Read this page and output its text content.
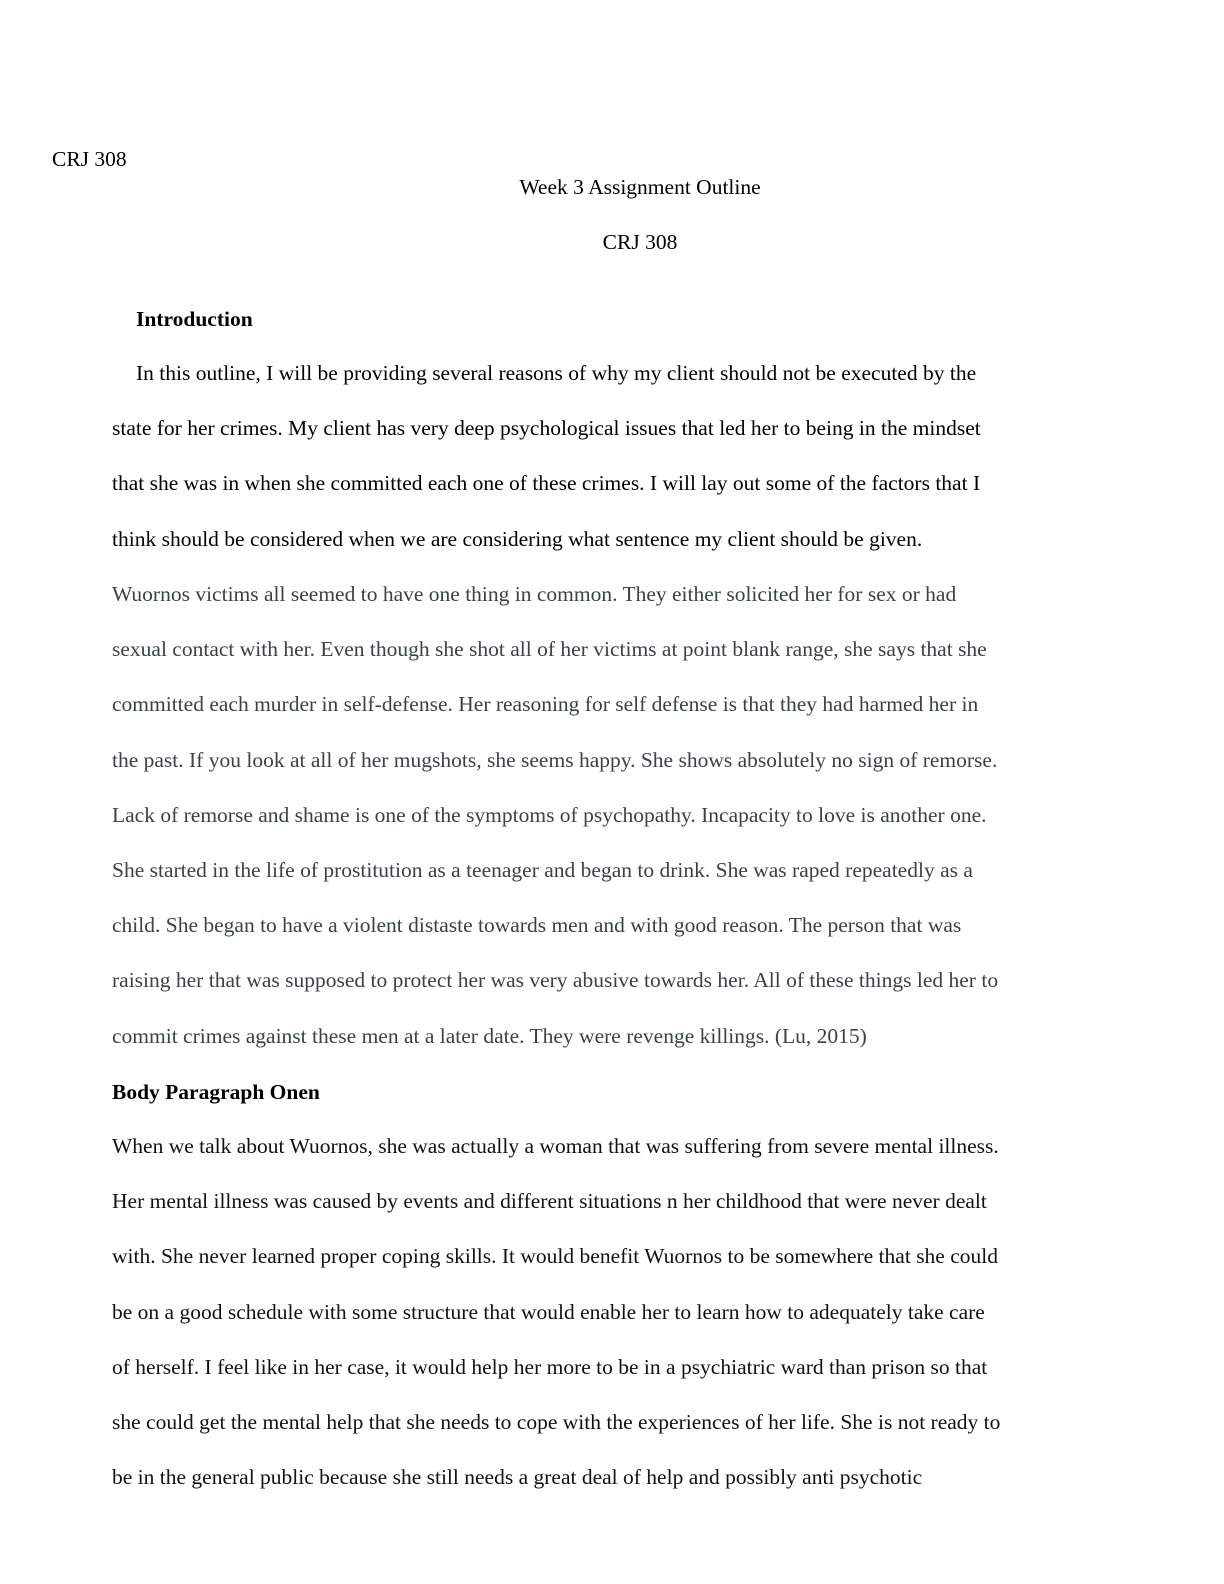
CRJ 308
Week 3 Assignment Outline
CRJ 308
Introduction
In this outline, I will be providing several reasons of why my client should not be executed by the
state for her crimes. My client has very deep psychological issues that led her to being in the mindset
that she was in when she committed each one of these crimes. I will lay out some of the factors that I
think should be considered when we are considering what sentence my client should be given.
Wuornos victims all seemed to have one thing in common. They either solicited her for sex or had
sexual contact with her. Even though she shot all of her victims at point blank range, she says that she
committed each murder in self-defense. Her reasoning for self defense is that they had harmed her in
the past. If you look at all of her mugshots, she seems happy. She shows absolutely no sign of remorse.
Lack of remorse and shame is one of the symptoms of psychopathy. Incapacity to love is another one.
She started in the life of prostitution as a teenager and began to drink. She was raped repeatedly as a
child. She began to have a violent distaste towards men and with good reason. The person that was
raising her that was supposed to protect her was very abusive towards her. All of these things led her to
commit crimes against these men at a later date. They were revenge killings. (Lu, 2015)
Body Paragraph Onen
When we talk about Wuornos, she was actually a woman that was suffering from severe mental illness.
Her mental illness was caused by events and different situations n her childhood that were never dealt
with. She never learned proper coping skills. It would benefit Wuornos to be somewhere that she could
be on a good schedule with some structure that would enable her to learn how to adequately take care
of herself. I feel like in her case, it would help her more to be in a psychiatric ward than prison so that
she could get the mental help that she needs to cope with the experiences of her life. She is not ready to
be in the general public because she still needs a great deal of help and possibly anti psychotic
